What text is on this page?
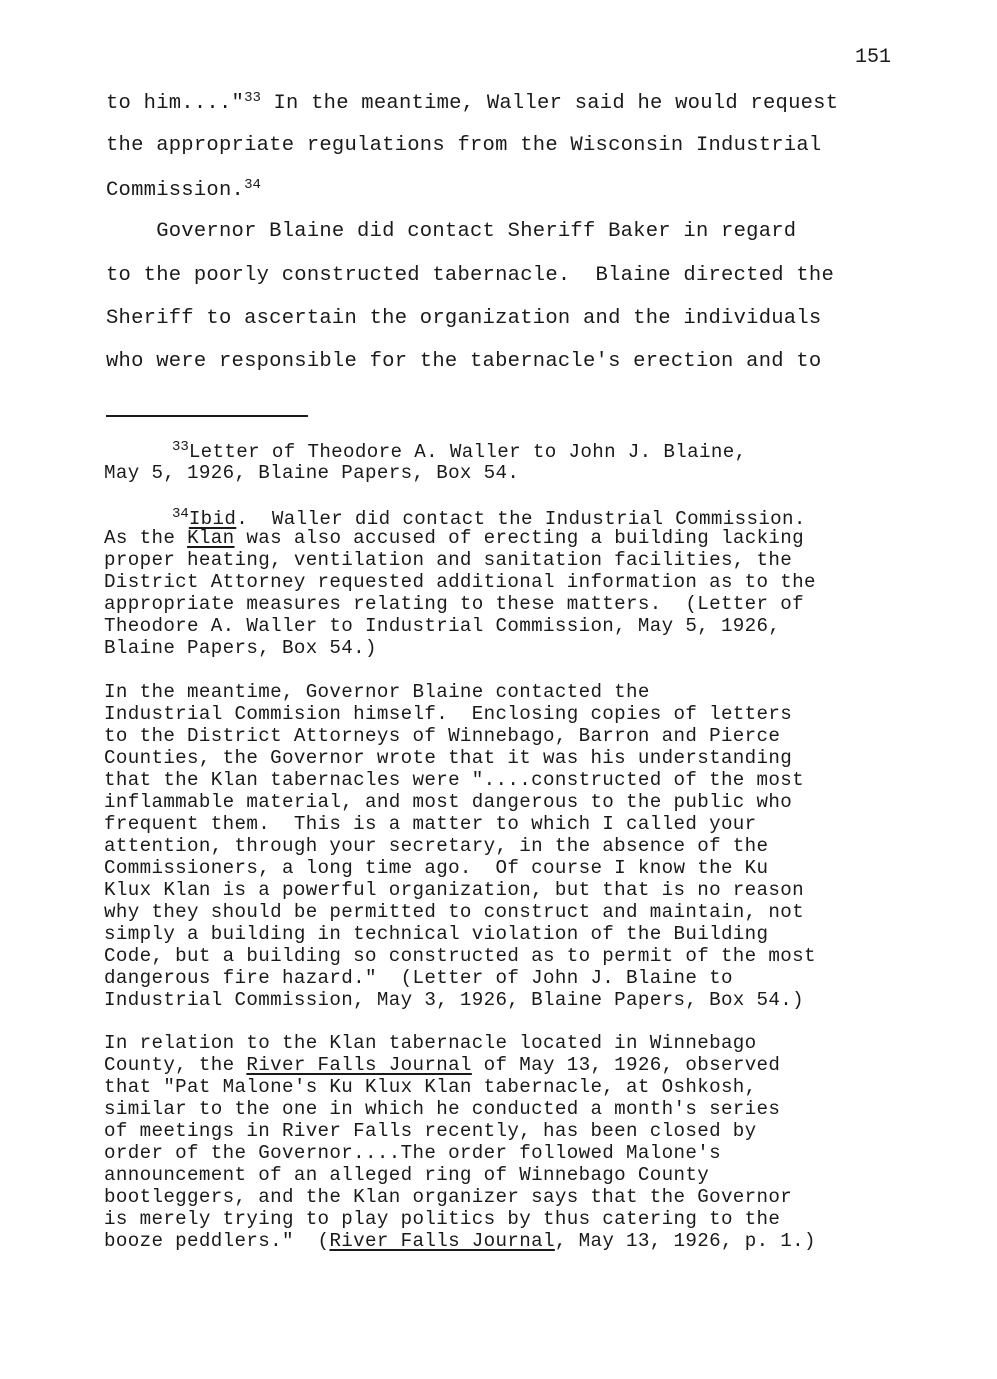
151
to him...."$^{33}$ In the meantime, Waller said he would request
the appropriate regulations from the Wisconsin Industrial
Commission.$^{34}$
Governor Blaine did contact Sheriff Baker in regard
to the poorly constructed tabernacle.  Blaine directed the
Sheriff to ascertain the organization and the individuals
who were responsible for the tabernacle's erection and to
$^{33}$Letter of Theodore A. Waller to John J. Blaine,
May 5, 1926, Blaine Papers, Box 54.
$^{34}$Ibid.  Waller did contact the Industrial Commission.
As the Klan was also accused of erecting a building lacking
proper heating, ventilation and sanitation facilities, the
District Attorney requested additional information as to the
appropriate measures relating to these matters.  (Letter of
Theodore A. Waller to Industrial Commission, May 5, 1926,
Blaine Papers, Box 54.)
In the meantime, Governor Blaine contacted the
Industrial Commision himself.  Enclosing copies of letters
to the District Attorneys of Winnebago, Barron and Pierce
Counties, the Governor wrote that it was his understanding
that the Klan tabernacles were "....constructed of the most
inflammable material, and most dangerous to the public who
frequent them.  This is a matter to which I called your
attention, through your secretary, in the absence of the
Commissioners, a long time ago.  Of course I know the Ku
Klux Klan is a powerful organization, but that is no reason
why they should be permitted to construct and maintain, not
simply a building in technical violation of the Building
Code, but a building so constructed as to permit of the most
dangerous fire hazard."  (Letter of John J. Blaine to
Industrial Commission, May 3, 1926, Blaine Papers, Box 54.)
In relation to the Klan tabernacle located in Winnebago
County, the River Falls Journal of May 13, 1926, observed
that "Pat Malone's Ku Klux Klan tabernacle, at Oshkosh,
similar to the one in which he conducted a month's series
of meetings in River Falls recently, has been closed by
order of the Governor....The order followed Malone's
announcement of an alleged ring of Winnebago County
bootleggers, and the Klan organizer says that the Governor
is merely trying to play politics by thus catering to the
booze peddlers."  (River Falls Journal, May 13, 1926, p. 1.)
